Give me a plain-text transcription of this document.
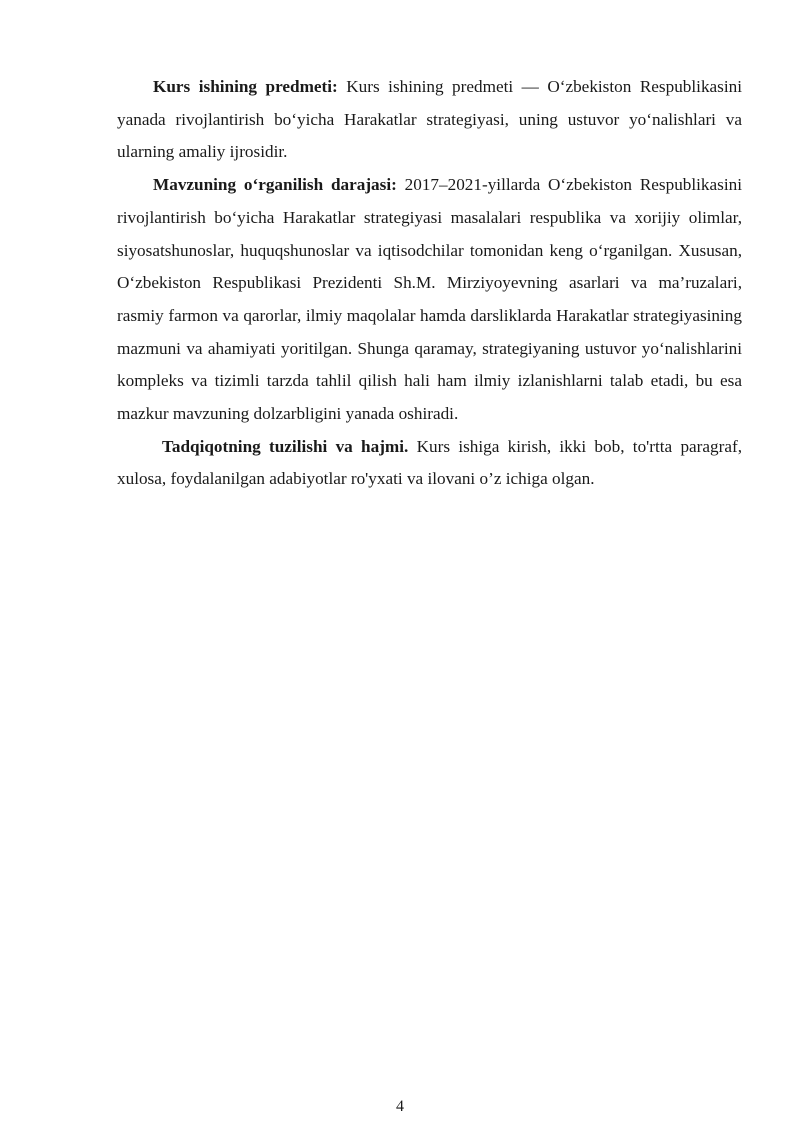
Kurs ishining predmeti: Kurs ishining predmeti — O‘zbekiston Respublikasini yanada rivojlantirish bo‘yicha Harakatlar strategiyasi, uning ustuvor yo‘nalishlari va ularning amaliy ijrosidir.

Mavzuning o‘rganilish darajasi: 2017–2021-yillarda O‘zbekiston Respublikasini rivojlantirish bo‘yicha Harakatlar strategiyasi masalalari respublika va xorijiy olimlar, siyosatshunoslar, huquqshunoslar va iqtisodchilar tomonidan keng o‘rganilgan. Xususan, O‘zbekiston Respublikasi Prezidenti Sh.M. Mirziyoyevning asarlari va ma’ruzalari, rasmiy farmon va qarorlar, ilmiy maqolalar hamda darsliklarda Harakatlar strategiyasining mazmuni va ahamiyati yoritilgan. Shunga qaramay, strategiyaning ustuvor yo‘nalishlarini kompleks va tizimli tarzda tahlil qilish hali ham ilmiy izlanishlarni talab etadi, bu esa mazkur mavzuning dolzarbligini yanada oshiradi.

Tadqiqotning tuzilishi va hajmi. Kurs ishiga kirish, ikki bob, to'rtta paragraf, xulosa, foydalanilgan adabiyotlar ro'yxati va ilovani o’z ichiga olgan.

4
